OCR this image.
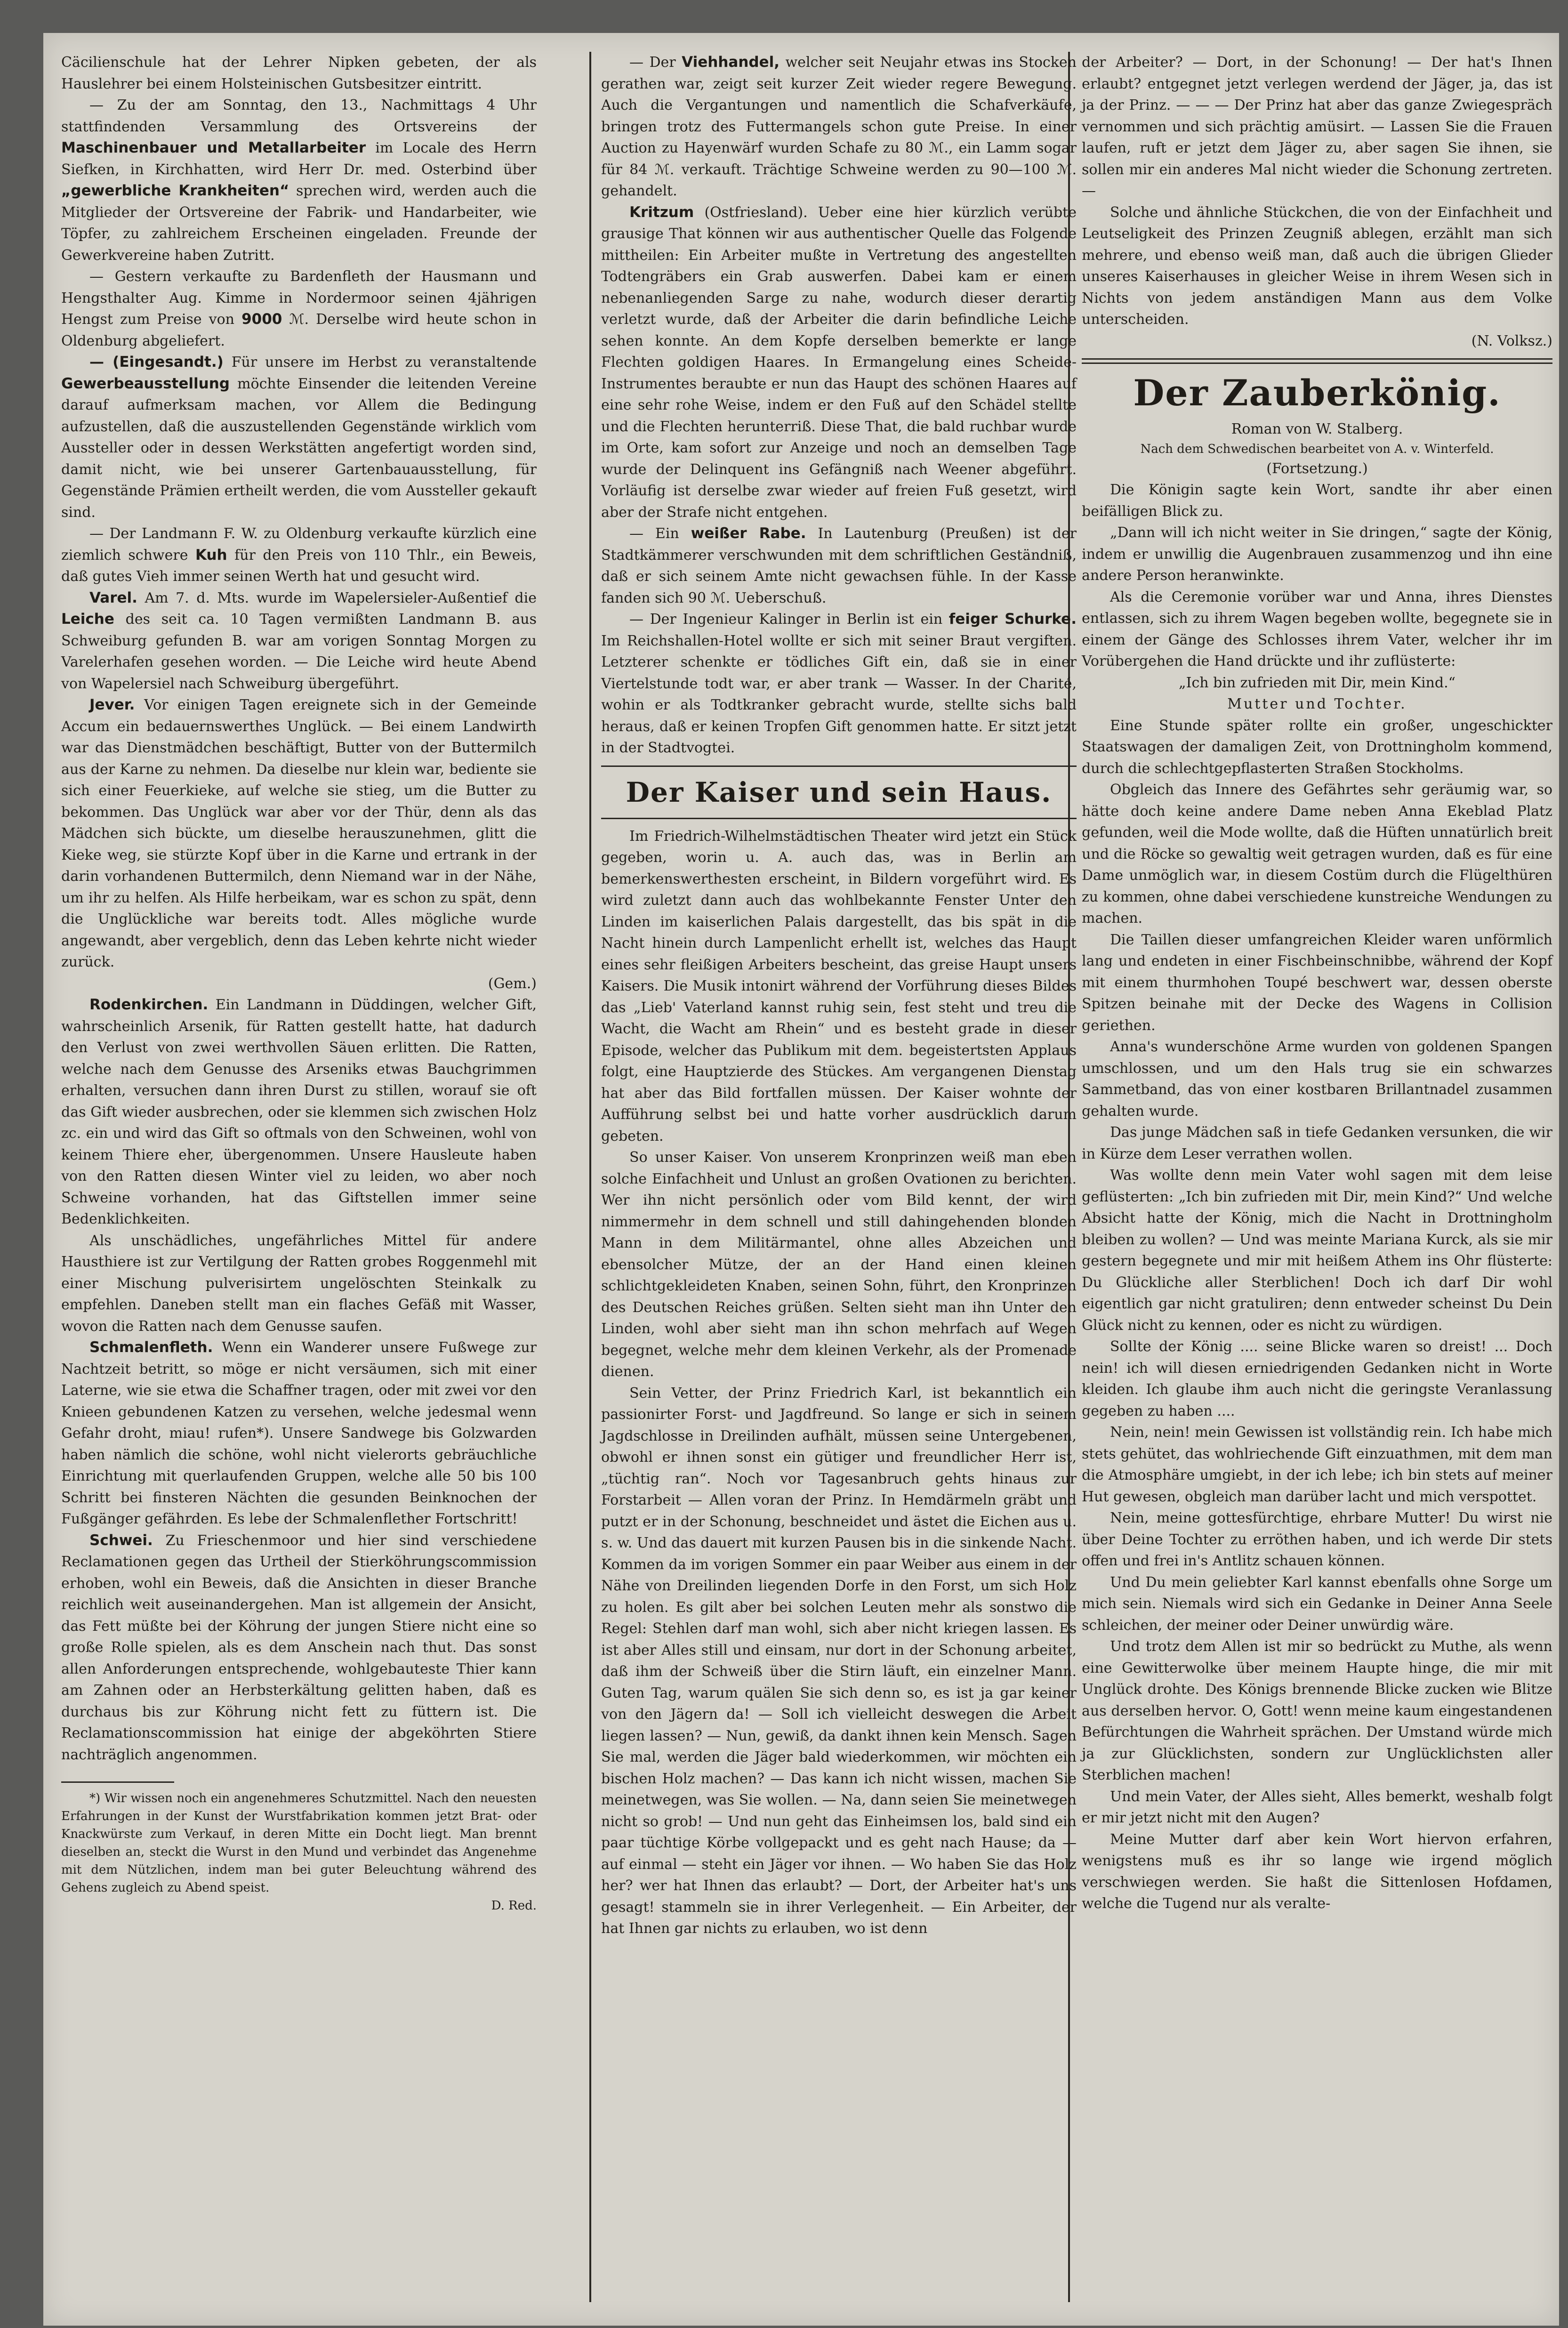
Cäcilienschule hat der Lehrer Nipken gebeten, der als Hauslehrer bei einem Holsteinischen Gutsbesitzer eintritt.

— Zu der am Sonntag, den 13., Nachmittags 4 Uhr stattfindenden Versammlung des Ortsvereins der Maschinenbauer und Metallarbeiter im Locale des Herrn Siefken, in Kirchhatten, wird Herr Dr. med. Osterbind über „gewerbliche Krankheiten“ sprechen wird, werden auch die Mitglieder der Ortsvereine der Fabrik- und Handarbeiter, wie Töpfer, zu zahlreichem Erscheinen eingeladen. Freunde der Gewerkvereine haben Zutritt.

— Gestern verkaufte zu Bardenfleth der Hausmann und Hengsthalter Aug. Kimme in Nordermoor seinen 4jährigen Hengst zum Preise von 9000 ℳ. Derselbe wird heute schon in Oldenburg abgeliefert.

— (Eingesandt.) Für unsere im Herbst zu veranstaltende Gewerbeausstellung möchte Einsender die leitenden Vereine darauf aufmerksam machen, vor Allem die Bedingung aufzustellen, daß die auszustellenden Gegenstände wirklich vom Aussteller oder in dessen Werkstätten angefertigt worden sind, damit nicht, wie bei unserer Gartenbauausstellung, für Gegenstände Prämien ertheilt werden, die vom Aussteller gekauft sind.

— Der Landmann F. W. zu Oldenburg verkaufte kürzlich eine ziemlich schwere Kuh für den Preis von 110 Thlr., ein Beweis, daß gutes Vieh immer seinen Werth hat und gesucht wird.

Varel. Am 7. d. Mts. wurde im Wapelersieler-Außentief die Leiche des seit ca. 10 Tagen vermißten Landmann B. aus Schweiburg gefunden B. war am vorigen Sonntag Morgen zu Varelerhafen gesehen worden. — Die Leiche wird heute Abend von Wapelersiel nach Schweiburg übergeführt.

Jever. Vor einigen Tagen ereignete sich in der Gemeinde Accum ein bedauernswerthes Unglück. — Bei einem Landwirth war das Dienstmädchen beschäftigt, Butter von der Buttermilch aus der Karne zu nehmen. Da dieselbe nur klein war, bediente sie sich einer Feuerkieke, auf welche sie stieg, um die Butter zu bekommen. Das Unglück war aber vor der Thür, denn als das Mädchen sich bückte, um dieselbe herauszunehmen, glitt die Kieke weg, sie stürzte Kopf über in die Karne und ertrank in der darin vorhandenen Buttermilch, denn Niemand war in der Nähe, um ihr zu helfen. Als Hilfe herbeikam, war es schon zu spät, denn die Unglückliche war bereits todt. Alles mögliche wurde angewandt, aber vergeblich, denn das Leben kehrte nicht wieder zurück.

(Gem.)

Rodenkirchen. Ein Landmann in Düddingen, welcher Gift, wahrscheinlich Arsenik, für Ratten gestellt hatte, hat dadurch den Verlust von zwei werthvollen Säuen erlitten. Die Ratten, welche nach dem Genusse des Arseniks etwas Bauchgrimmen erhalten, versuchen dann ihren Durst zu stillen, worauf sie oft das Gift wieder ausbrechen, oder sie klemmen sich zwischen Holz zc. ein und wird das Gift so oftmals von den Schweinen, wohl von keinem Thiere eher, übergenommen. Unsere Hausleute haben von den Ratten diesen Winter viel zu leiden, wo aber noch Schweine vorhanden, hat das Giftstellen immer seine Bedenklichkeiten.

Als unschädliches, ungefährliches Mittel für andere Hausthiere ist zur Vertilgung der Ratten grobes Roggenmehl mit einer Mischung pulverisirtem ungelöschten Steinkalk zu empfehlen. Daneben stellt man ein flaches Gefäß mit Wasser, wovon die Ratten nach dem Genusse saufen.

Schmalenfleth. Wenn ein Wanderer unsere Fußwege zur Nachtzeit betritt, so möge er nicht versäumen, sich mit einer Laterne, wie sie etwa die Schaffner tragen, oder mit zwei vor den Knieen gebundenen Katzen zu versehen, welche jedesmal wenn Gefahr droht, miau! rufen*). Unsere Sandwege bis Golzwarden haben nämlich die schöne, wohl nicht vielerorts gebräuchliche Einrichtung mit querlaufenden Gruppen, welche alle 50 bis 100 Schritt bei finsteren Nächten die gesunden Beinknochen der Fußgänger gefährden. Es lebe der Schmalenflether Fortschritt!

Schwei. Zu Frieschenmoor und hier sind verschiedene Reclamationen gegen das Urtheil der Stierköhrungscommission erhoben, wohl ein Beweis, daß die Ansichten in dieser Branche reichlich weit auseinandergehen. Man ist allgemein der Ansicht, das Fett müßte bei der Köhrung der jungen Stiere nicht eine so große Rolle spielen, als es dem Anschein nach thut. Das sonst allen Anforderungen entsprechende, wohlgebauteste Thier kann am Zahnen oder an Herbsterkältung gelitten haben, daß es durchaus bis zur Köhrung nicht fett zu füttern ist. Die Reclamationscommission hat einige der abgeköhrten Stiere nachträglich angenommen.

*) Wir wissen noch ein angenehmeres Schutzmittel. Nach den neuesten Erfahrungen in der Kunst der Wurstfabrikation kommen jetzt Brat- oder Knackwürste zum Verkauf, in deren Mitte ein Docht liegt. Man brennt dieselben an, steckt die Wurst in den Mund und verbindet das Angenehme mit dem Nützlichen, indem man bei guter Beleuchtung während des Gehens zugleich zu Abend speist.

D. Red.

— Der Viehhandel, welcher seit Neujahr etwas ins Stocken gerathen war, zeigt seit kurzer Zeit wieder regere Bewegung. Auch die Vergantungen und namentlich die Schafverkäufe, bringen trotz des Futtermangels schon gute Preise. In einer Auction zu Hayenwärf wurden Schafe zu 80 ℳ., ein Lamm sogar für 84 ℳ. verkauft. Trächtige Schweine werden zu 90—100 ℳ. gehandelt.

Kritzum (Ostfriesland). Ueber eine hier kürzlich verübte grausige That können wir aus authentischer Quelle das Folgende mittheilen: Ein Arbeiter mußte in Vertretung des angestellten Todtengräbers ein Grab auswerfen. Dabei kam er einem nebenanliegenden Sarge zu nahe, wodurch dieser derartig verletzt wurde, daß der Arbeiter die darin befindliche Leiche sehen konnte. An dem Kopfe derselben bemerkte er lange Flechten goldigen Haares. In Ermangelung eines Scheide-Instrumentes beraubte er nun das Haupt des schönen Haares auf eine sehr rohe Weise, indem er den Fuß auf den Schädel stellte und die Flechten herunterriß. Diese That, die bald ruchbar wurde im Orte, kam sofort zur Anzeige und noch an demselben Tage wurde der Delinquent ins Gefängniß nach Weener abgeführt. Vorläufig ist derselbe zwar wieder auf freien Fuß gesetzt, wird aber der Strafe nicht entgehen.

— Ein weißer Rabe. In Lautenburg (Preußen) ist der Stadtkämmerer verschwunden mit dem schriftlichen Geständniß, daß er sich seinem Amte nicht gewachsen fühle. In der Kasse fanden sich 90 ℳ. Ueberschuß.

— Der Ingenieur Kalinger in Berlin ist ein feiger Schurke. Im Reichshallen-Hotel wollte er sich mit seiner Braut vergiften. Letzterer schenkte er tödliches Gift ein, daß sie in einer Viertelstunde todt war, er aber trank — Wasser. In der Charité, wohin er als Todtkranker gebracht wurde, stellte sichs bald heraus, daß er keinen Tropfen Gift genommen hatte. Er sitzt jetzt in der Stadtvogtei.

Der Kaiser und sein Haus.

Im Friedrich-Wilhelmstädtischen Theater wird jetzt ein Stück gegeben, worin u. A. auch das, was in Berlin am bemerkenswerthesten erscheint, in Bildern vorgeführt wird. Es wird zuletzt dann auch das wohlbekannte Fenster Unter den Linden im kaiserlichen Palais dargestellt, das bis spät in die Nacht hinein durch Lampenlicht erhellt ist, welches das Haupt eines sehr fleißigen Arbeiters bescheint, das greise Haupt unsers Kaisers. Die Musik intonirt während der Vorführung dieses Bildes das „Lieb' Vaterland kannst ruhig sein, fest steht und treu die Wacht, die Wacht am Rhein“ und es besteht grade in dieser Episode, welcher das Publikum mit dem. begeistertsten Applaus folgt, eine Hauptzierde des Stückes. Am vergangenen Dienstag hat aber das Bild fortfallen müssen. Der Kaiser wohnte der Aufführung selbst bei und hatte vorher ausdrücklich darum gebeten.

So unser Kaiser. Von unserem Kronprinzen weiß man eben solche Einfachheit und Unlust an großen Ovationen zu berichten. Wer ihn nicht persönlich oder vom Bild kennt, der wird nimmermehr in dem schnell und still dahingehenden blonden Mann in dem Militärmantel, ohne alles Abzeichen und ebensolcher Mütze, der an der Hand einen kleinen schlichtgekleideten Knaben, seinen Sohn, führt, den Kronprinzen des Deutschen Reiches grüßen. Selten sieht man ihn Unter den Linden, wohl aber sieht man ihn schon mehrfach auf Wegen begegnet, welche mehr dem kleinen Verkehr, als der Promenade dienen.

Sein Vetter, der Prinz Friedrich Karl, ist bekanntlich ein passionirter Forst- und Jagdfreund. So lange er sich in seinem Jagdschlosse in Dreilinden aufhält, müssen seine Untergebenen, obwohl er ihnen sonst ein gütiger und freundlicher Herr ist, „tüchtig ran“. Noch vor Tagesanbruch gehts hinaus zur Forstarbeit — Allen voran der Prinz. In Hemdärmeln gräbt und putzt er in der Schonung, beschneidet und ästet die Eichen aus u. s. w. Und das dauert mit kurzen Pausen bis in die sinkende Nacht. Kommen da im vorigen Sommer ein paar Weiber aus einem in der Nähe von Dreilinden liegenden Dorfe in den Forst, um sich Holz zu holen. Es gilt aber bei solchen Leuten mehr als sonstwo die Regel: Stehlen darf man wohl, sich aber nicht kriegen lassen. Es ist aber Alles still und einsam, nur dort in der Schonung arbeitet, daß ihm der Schweiß über die Stirn läuft, ein einzelner Mann. Guten Tag, warum quälen Sie sich denn so, es ist ja gar keiner von den Jägern da! — Soll ich vielleicht deswegen die Arbeit liegen lassen? — Nun, gewiß, da dankt ihnen kein Mensch. Sagen Sie mal, werden die Jäger bald wiederkommen, wir möchten ein bischen Holz machen? — Das kann ich nicht wissen, machen Sie meinetwegen, was Sie wollen. — Na, dann seien Sie meinetwegen nicht so grob! — Und nun geht das Einheimsen los, bald sind ein paar tüchtige Körbe vollgepackt und es geht nach Hause; da — auf einmal — steht ein Jäger vor ihnen. — Wo haben Sie das Holz her? wer hat Ihnen das erlaubt? — Dort, der Arbeiter hat's uns gesagt! stammeln sie in ihrer Verlegenheit. — Ein Arbeiter, der hat Ihnen gar nichts zu erlauben, wo ist denn

der Arbeiter? — Dort, in der Schonung! — Der hat's Ihnen erlaubt? entgegnet jetzt verlegen werdend der Jäger, ja, das ist ja der Prinz. — — — Der Prinz hat aber das ganze Zwiegespräch vernommen und sich prächtig amüsirt. — Lassen Sie die Frauen laufen, ruft er jetzt dem Jäger zu, aber sagen Sie ihnen, sie sollen mir ein anderes Mal nicht wieder die Schonung zertreten. —

Solche und ähnliche Stückchen, die von der Einfachheit und Leutseligkeit des Prinzen Zeugniß ablegen, erzählt man sich mehrere, und ebenso weiß man, daß auch die übrigen Glieder unseres Kaiserhauses in gleicher Weise in ihrem Wesen sich in Nichts von jedem anständigen Mann aus dem Volke unterscheiden.

(N. Volksz.)

Der Zauberkönig.

Roman von W. Stalberg.

Nach dem Schwedischen bearbeitet von A. v. Winterfeld.

(Fortsetzung.)

Die Königin sagte kein Wort, sandte ihr aber einen beifälligen Blick zu.

„Dann will ich nicht weiter in Sie dringen,“ sagte der König, indem er unwillig die Augenbrauen zusammenzog und ihn eine andere Person heranwinkte.

Als die Ceremonie vorüber war und Anna, ihres Dienstes entlassen, sich zu ihrem Wagen begeben wollte, begegnete sie in einem der Gänge des Schlosses ihrem Vater, welcher ihr im Vorübergehen die Hand drückte und ihr zuflüsterte:

„Ich bin zufrieden mit Dir, mein Kind.“

Mutter und Tochter.

Eine Stunde später rollte ein großer, ungeschickter Staatswagen der damaligen Zeit, von Drottningholm kommend, durch die schlechtgepflasterten Straßen Stockholms.

Obgleich das Innere des Gefährtes sehr geräumig war, so hätte doch keine andere Dame neben Anna Ekeblad Platz gefunden, weil die Mode wollte, daß die Hüften unnatürlich breit und die Röcke so gewaltig weit getragen wurden, daß es für eine Dame unmöglich war, in diesem Costüm durch die Flügelthüren zu kommen, ohne dabei verschiedene kunstreiche Wendungen zu machen.

Die Taillen dieser umfangreichen Kleider waren unförmlich lang und endeten in einer Fischbeinschnibbe, während der Kopf mit einem thurmhohen Toupé beschwert war, dessen oberste Spitzen beinahe mit der Decke des Wagens in Collision geriethen.

Anna's wunderschöne Arme wurden von goldenen Spangen umschlossen, und um den Hals trug sie ein schwarzes Sammetband, das von einer kostbaren Brillantnadel zusammen gehalten wurde.

Das junge Mädchen saß in tiefe Gedanken versunken, die wir in Kürze dem Leser verrathen wollen.

Was wollte denn mein Vater wohl sagen mit dem leise geflüsterten: „Ich bin zufrieden mit Dir, mein Kind?“ Und welche Absicht hatte der König, mich die Nacht in Drottningholm bleiben zu wollen? — Und was meinte Mariana Kurck, als sie mir gestern begegnete und mir mit heißem Athem ins Ohr flüsterte: Du Glückliche aller Sterblichen! Doch ich darf Dir wohl eigentlich gar nicht gratuliren; denn entweder scheinst Du Dein Glück nicht zu kennen, oder es nicht zu würdigen.

Sollte der König .... seine Blicke waren so dreist! ... Doch nein! ich will diesen erniedrigenden Gedanken nicht in Worte kleiden. Ich glaube ihm auch nicht die geringste Veranlassung gegeben zu haben ....

Nein, nein! mein Gewissen ist vollständig rein. Ich habe mich stets gehütet, das wohlriechende Gift einzuathmen, mit dem man die Atmosphäre umgiebt, in der ich lebe; ich bin stets auf meiner Hut gewesen, obgleich man darüber lacht und mich verspottet.

Nein, meine gottesfürchtige, ehrbare Mutter! Du wirst nie über Deine Tochter zu erröthen haben, und ich werde Dir stets offen und frei in's Antlitz schauen können.

Und Du mein geliebter Karl kannst ebenfalls ohne Sorge um mich sein. Niemals wird sich ein Gedanke in Deiner Anna Seele schleichen, der meiner oder Deiner unwürdig wäre.

Und trotz dem Allen ist mir so bedrückt zu Muthe, als wenn eine Gewitterwolke über meinem Haupte hinge, die mir mit Unglück drohte. Des Königs brennende Blicke zucken wie Blitze aus derselben hervor. O, Gott! wenn meine kaum eingestandenen Befürchtungen die Wahrheit sprächen. Der Umstand würde mich ja zur Glücklichsten, sondern zur Unglücklichsten aller Sterblichen machen!

Und mein Vater, der Alles sieht, Alles bemerkt, weshalb folgt er mir jetzt nicht mit den Augen?

Meine Mutter darf aber kein Wort hiervon erfahren, wenigstens muß es ihr so lange wie irgend möglich verschwiegen werden. Sie haßt die Sittenlosen Hofdamen, welche die Tugend nur als veralte-
